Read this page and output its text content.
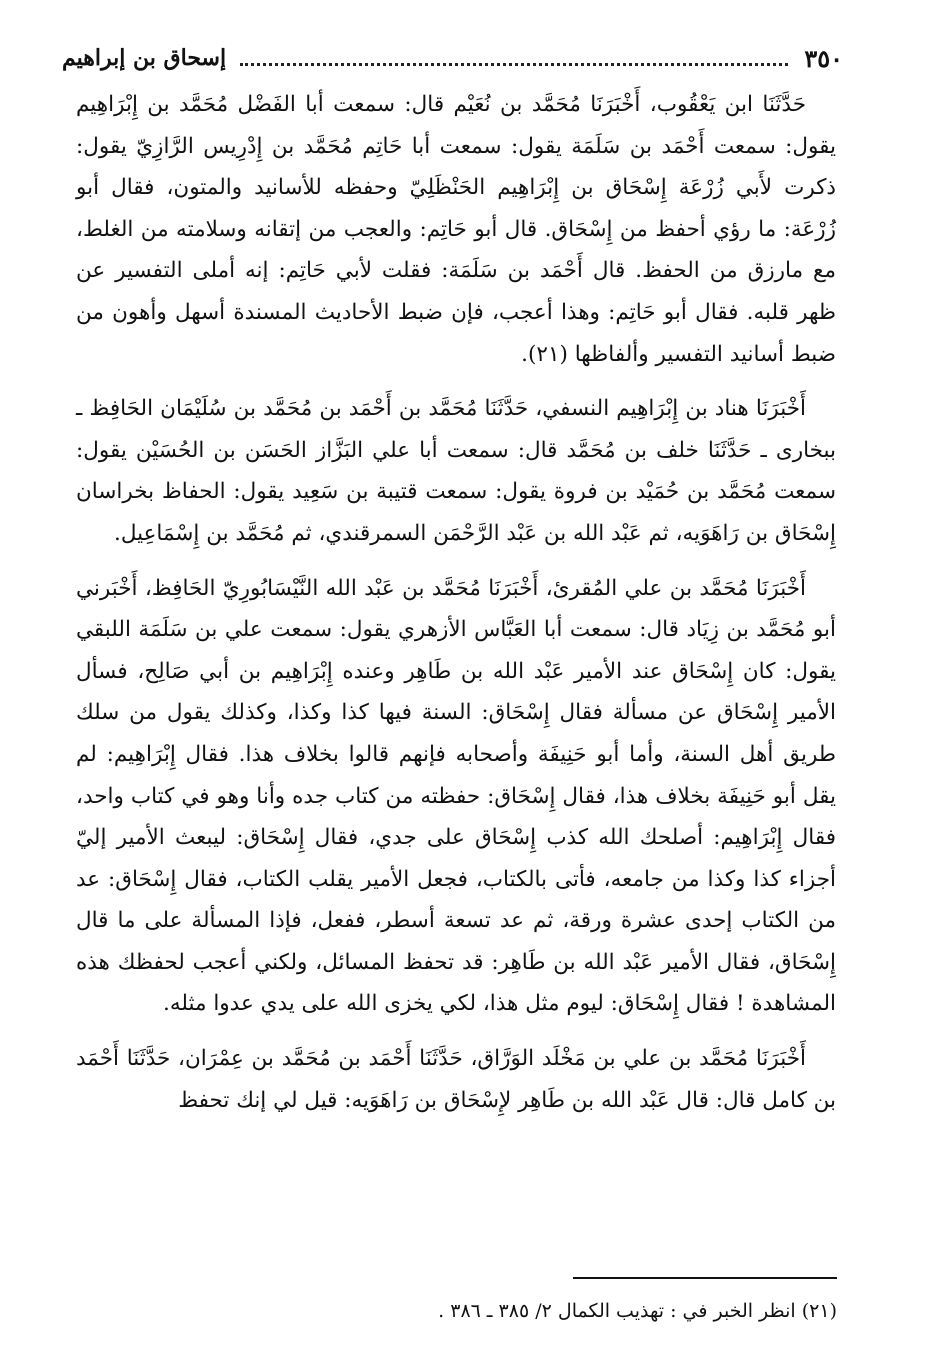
٣٥٠
إسحاق بن إبراهيم

حَدَّثَنَا ابن يَعْقُوب، أَخْبَرَنَا مُحَمَّد بن نُعَيْم قال: سمعت أبا الفَضْل مُحَمَّد بن إِبْرَاهِيم يقول: سمعت أَحْمَد بن سَلَمَة يقول: سمعت أبا حَاتِم مُحَمَّد بن إِدْرِيس الرَّازِيّ يقول: ذكرت لأَبي زُرْعَة إِسْحَاق بن إِبْرَاهِيم الحَنْظَلِيّ وحفظه للأسانيد والمتون، فقال أبو زُرْعَة: ما رؤي أحفظ من إِسْحَاق. قال أبو حَاتِم: والعجب من إتقانه وسلامته من الغلط، مع مارزق من الحفظ. قال أَحْمَد بن سَلَمَة: فقلت لأبي حَاتِم: إنه أملى التفسير عن ظهر قلبه. فقال أبو حَاتِم: وهذا أعجب، فإن ضبط الأحاديث المسندة أسهل وأهون من ضبط أسانيد التفسير وألفاظها (٢١).

أَخْبَرَنَا هناد بن إِبْرَاهِيم النسفي، حَدَّثَنَا مُحَمَّد بن أَحْمَد بن مُحَمَّد بن سُلَيْمَان الحَافِظ ـ ببخارى ـ حَدَّثَنَا خلف بن مُحَمَّد قال: سمعت أبا علي البَزَّاز الحَسَن بن الحُسَيْن يقول: سمعت مُحَمَّد بن حُمَيْد بن فروة يقول: سمعت قتيبة بن سَعِيد يقول: الحفاظ بخراسان إِسْحَاق بن رَاهَوَيه، ثم عَبْد الله بن عَبْد الرَّحْمَن السمرقندي، ثم مُحَمَّد بن إِسْمَاعِيل.

أَخْبَرَنَا مُحَمَّد بن علي المُقرئ، أَخْبَرَنَا مُحَمَّد بن عَبْد الله النَّيْسَابُورِيّ الحَافِظ، أَخْبَرني أبو مُحَمَّد بن زِيَاد قال: سمعت أبا العَبَّاس الأزهري يقول: سمعت علي بن سَلَمَة اللبقي يقول: كان إِسْحَاق عند الأمير عَبْد الله بن طَاهِر وعنده إِبْرَاهِيم بن أبي صَالِح، فسأل الأمير إِسْحَاق عن مسألة فقال إِسْحَاق: السنة فيها كذا وكذا، وكذلك يقول من سلك طريق أهل السنة، وأما أبو حَنِيفَة وأصحابه فإنهم قالوا بخلاف هذا. فقال إِبْرَاهِيم: لم يقل أبو حَنِيفَة بخلاف هذا، فقال إِسْحَاق: حفظته من كتاب جده وأنا وهو في كتاب واحد، فقال إِبْرَاهِيم: أصلحك الله كذب إِسْحَاق على جدي، فقال إِسْحَاق: ليبعث الأمير إليّ أجزاء كذا وكذا من جامعه، فأتى بالكتاب، فجعل الأمير يقلب الكتاب، فقال إِسْحَاق: عد من الكتاب إحدى عشرة ورقة، ثم عد تسعة أسطر، ففعل، فإذا المسألة على ما قال إِسْحَاق، فقال الأمير عَبْد الله بن طَاهِر: قد تحفظ المسائل، ولكني أعجب لحفظك هذه المشاهدة ! فقال إِسْحَاق: ليوم مثل هذا، لكي يخزى الله على يدي عدوا مثله.

أَخْبَرَنَا مُحَمَّد بن علي بن مَخْلَد الوَرَّاق، حَدَّثَنَا أَحْمَد بن مُحَمَّد بن عِمْرَان، حَدَّثَنَا أَحْمَد بن كامل قال: قال عَبْد الله بن طَاهِر لإِسْحَاق بن رَاهَوَيه: قيل لي إنك تحفظ

(٢١) انظر الخبر في : تهذيب الكمال ٢/ ٣٨٥ ـ ٣٨٦ .
